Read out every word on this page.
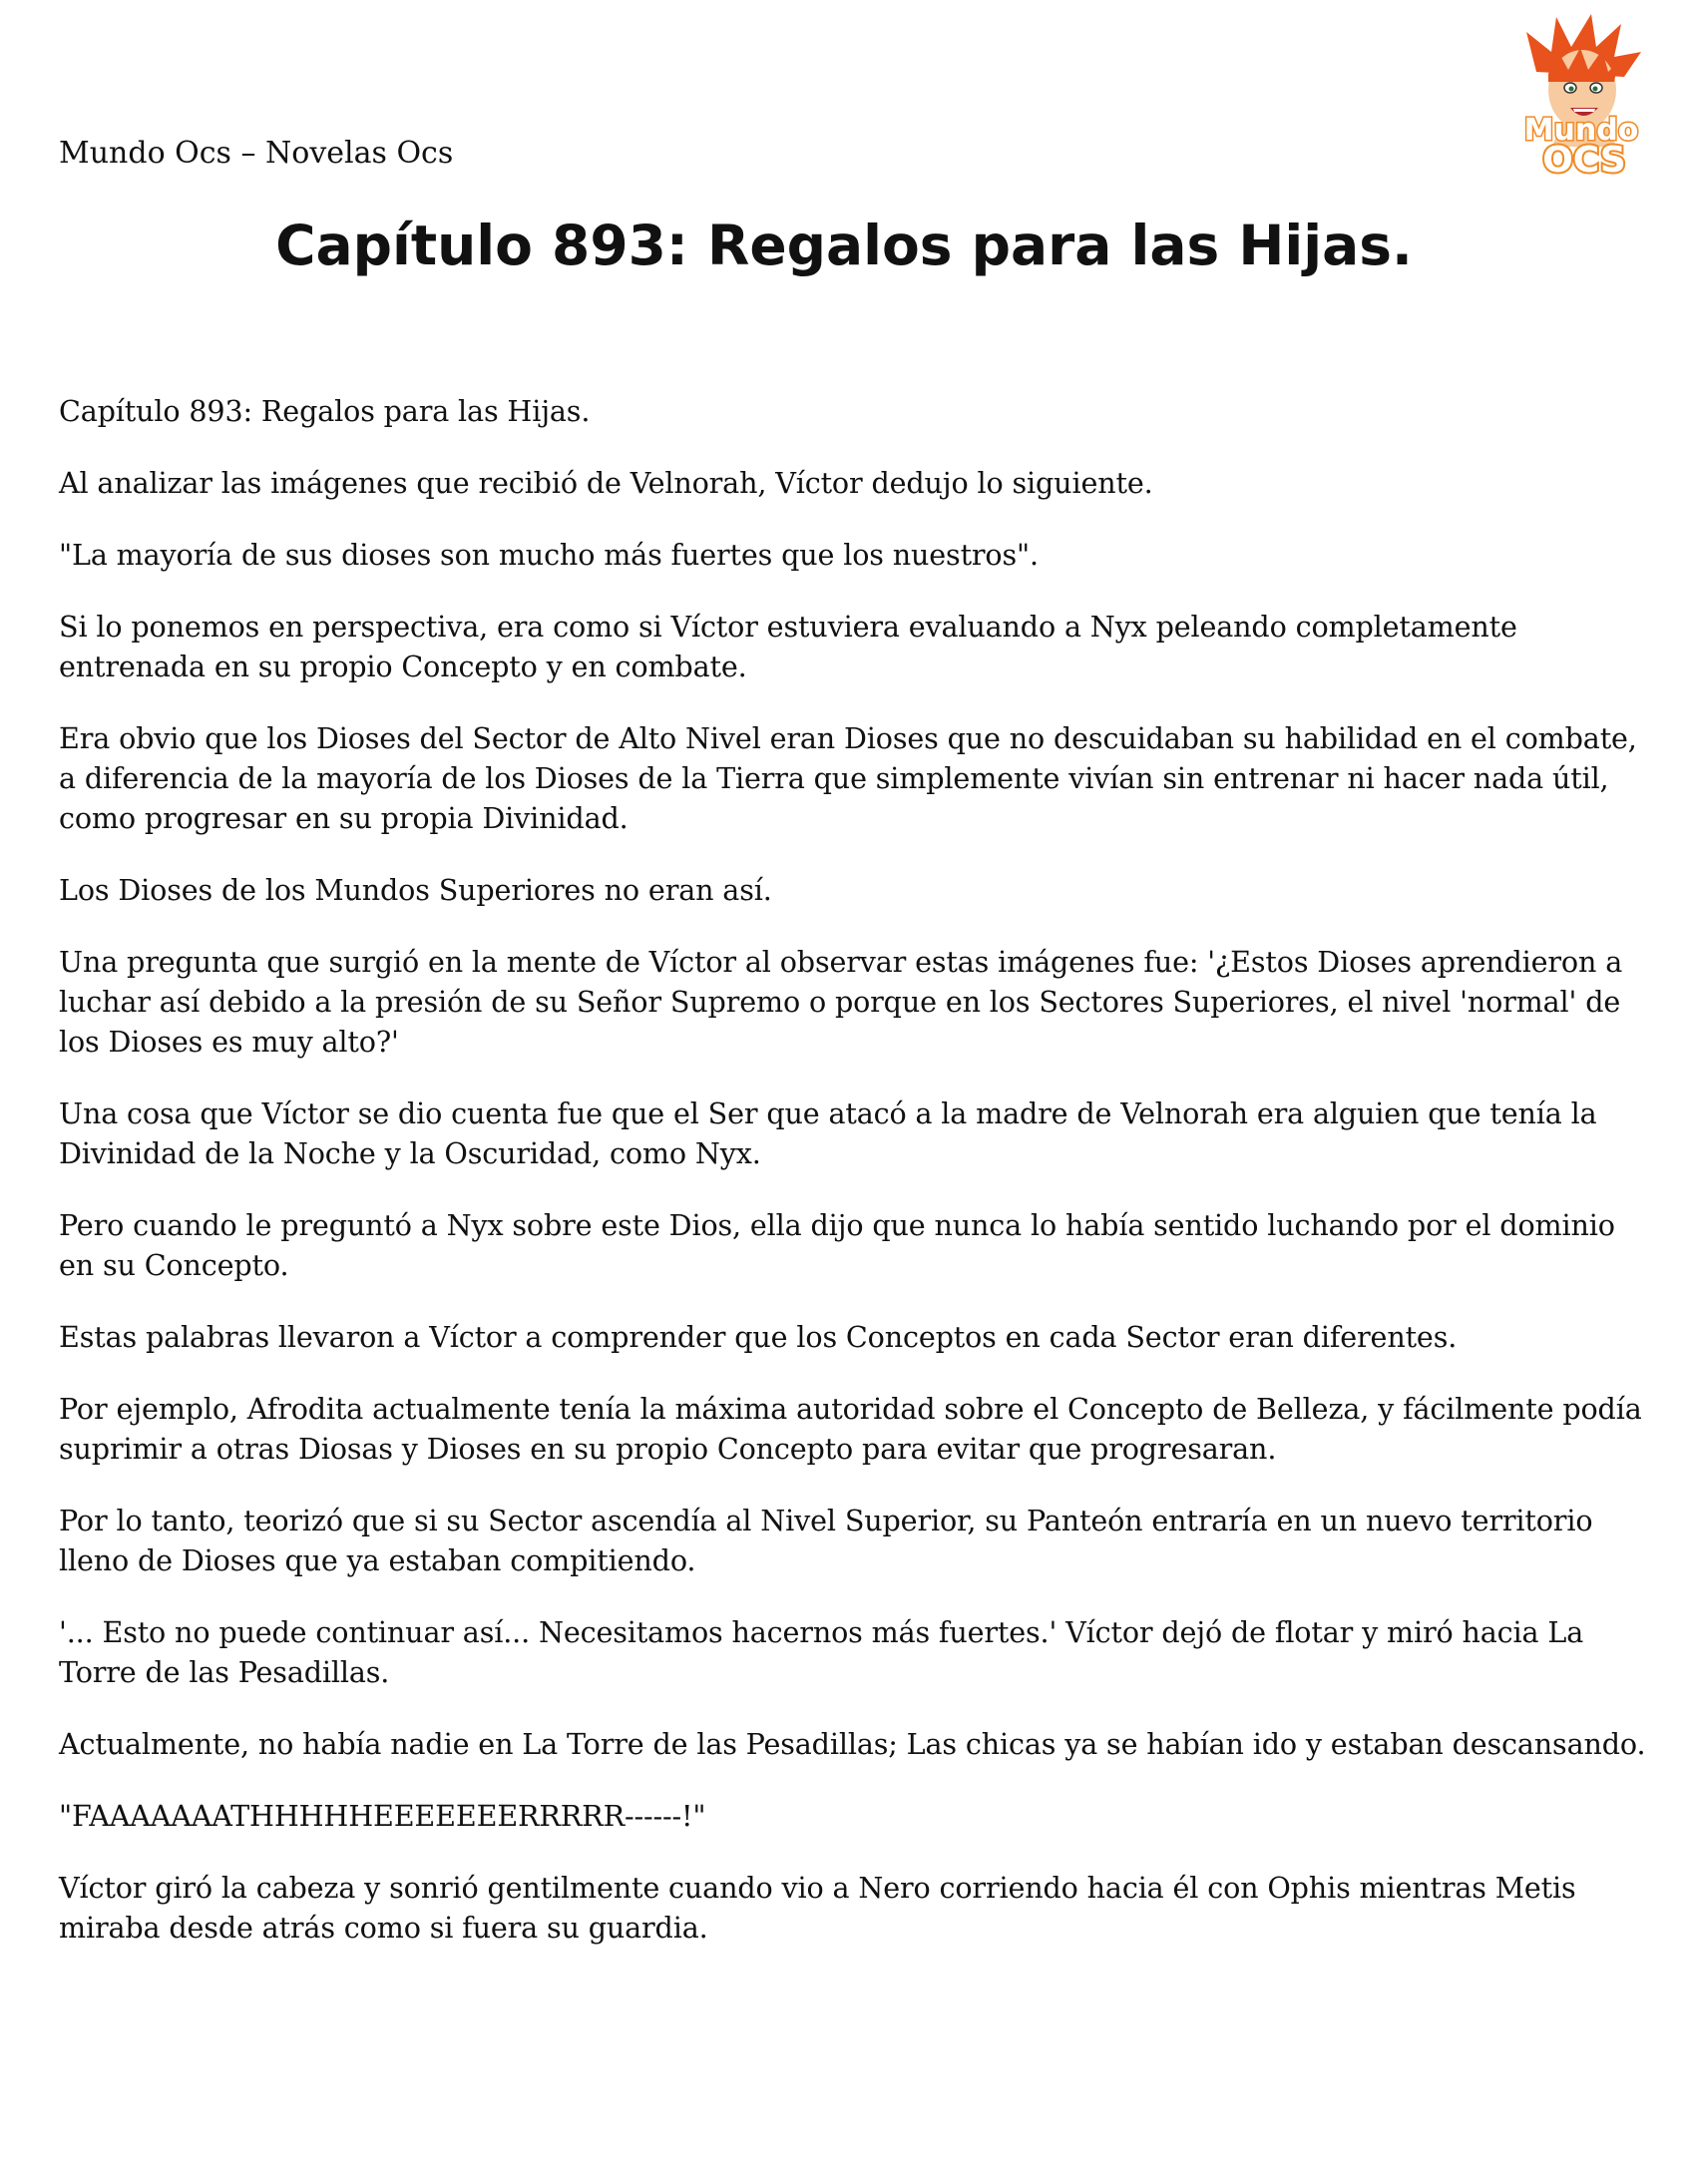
Mundo Ocs – Novelas Ocs
Mundo
OCS
Capítulo 893: Regalos para las Hijas.

Capítulo 893: Regalos para las Hijas.

Al analizar las imágenes que recibió de Velnorah, Víctor dedujo lo siguiente.

"La mayoría de sus dioses son mucho más fuertes que los nuestros".

Si lo ponemos en perspectiva, era como si Víctor estuviera evaluando a Nyx peleando completamente entrenada en su propio Concepto y en combate.

Era obvio que los Dioses del Sector de Alto Nivel eran Dioses que no descuidaban su habilidad en el combate, a diferencia de la mayoría de los Dioses de la Tierra que simplemente vivían sin entrenar ni hacer nada útil, como progresar en su propia Divinidad.

Los Dioses de los Mundos Superiores no eran así.

Una pregunta que surgió en la mente de Víctor al observar estas imágenes fue: '¿Estos Dioses aprendieron a luchar así debido a la presión de su Señor Supremo o porque en los Sectores Superiores, el nivel 'normal' de los Dioses es muy alto?'

Una cosa que Víctor se dio cuenta fue que el Ser que atacó a la madre de Velnorah era alguien que tenía la Divinidad de la Noche y la Oscuridad, como Nyx.

Pero cuando le preguntó a Nyx sobre este Dios, ella dijo que nunca lo había sentido luchando por el dominio en su Concepto.

Estas palabras llevaron a Víctor a comprender que los Conceptos en cada Sector eran diferentes.

Por ejemplo, Afrodita actualmente tenía la máxima autoridad sobre el Concepto de Belleza, y fácilmente podía suprimir a otras Diosas y Dioses en su propio Concepto para evitar que progresaran.

Por lo tanto, teorizó que si su Sector ascendía al Nivel Superior, su Panteón entraría en un nuevo territorio lleno de Dioses que ya estaban compitiendo.

'... Esto no puede continuar así... Necesitamos hacernos más fuertes.' Víctor dejó de flotar y miró hacia La Torre de las Pesadillas.

Actualmente, no había nadie en La Torre de las Pesadillas; Las chicas ya se habían ido y estaban descansando.

"FAAAAAAATHHHHHEEEEEEERRRRR------!"

Víctor giró la cabeza y sonrió gentilmente cuando vio a Nero corriendo hacia él con Ophis mientras Metis miraba desde atrás como si fuera su guardia.
